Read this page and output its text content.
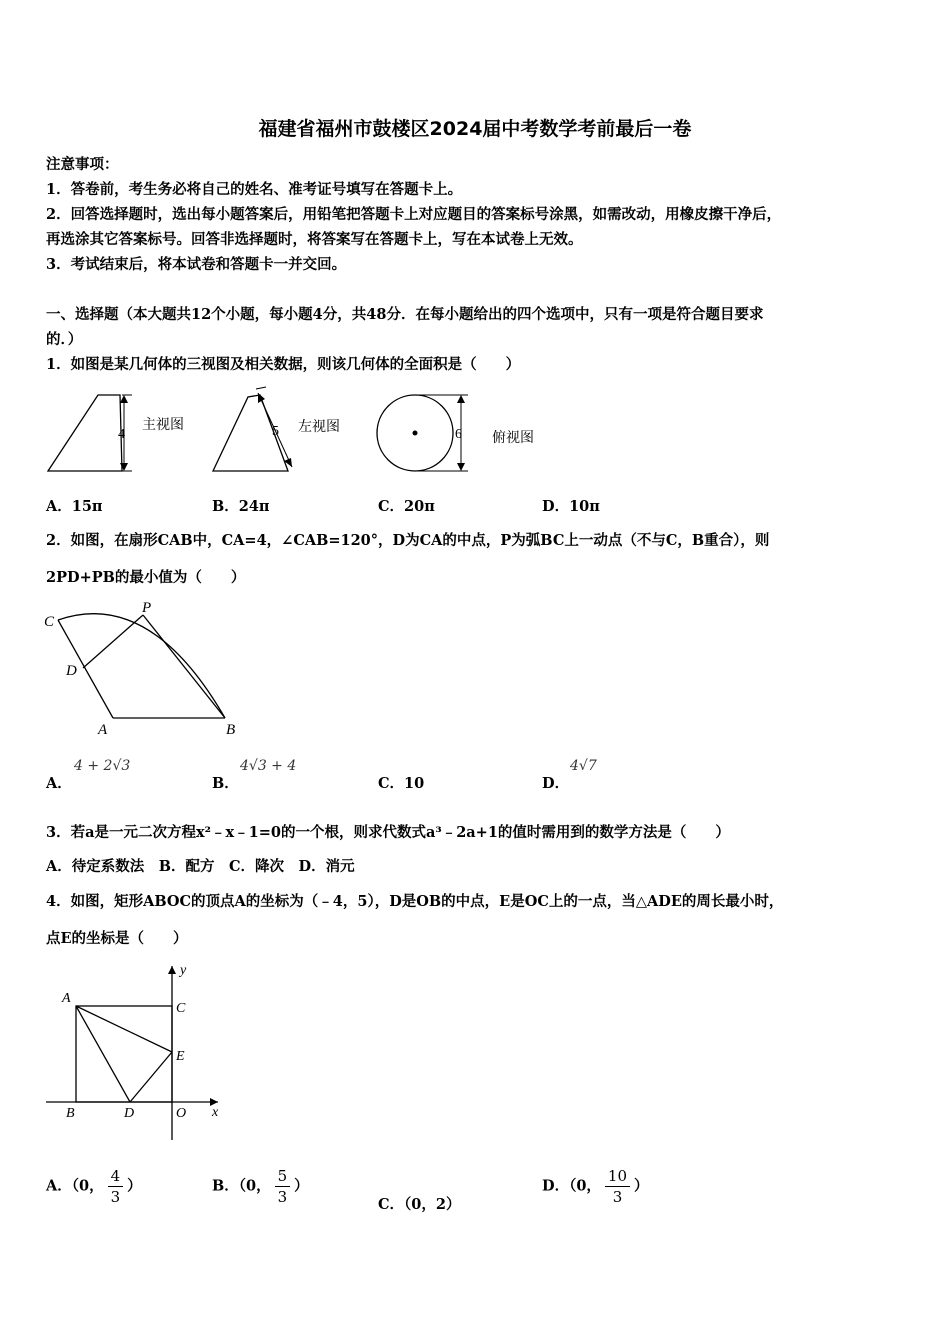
福建省福州市鼓楼区2024届中考数学考前最后一卷
注意事项：
1．答卷前，考生务必将自己的姓名、准考证号填写在答题卡上。
2．回答选择题时，选出每小题答案后，用铅笔把答题卡上对应题目的答案标号涂黑，如需改动，用橡皮擦干净后，
再选涂其它答案标号。回答非选择题时，将答案写在答题卡上，写在本试卷上无效。
3．考试结束后，将本试卷和答题卡一并交回。
一、选择题（本大题共12个小题，每小题4分，共48分．在每小题给出的四个选项中，只有一项是符合题目要求
的．）
1．如图是某几何体的三视图及相关数据，则该几何体的全面积是（　　）
4
主视图	5 左视图	6 俯视图
A．15π	B．24π	C．20π	D．10π
2．如图，在扇形CAB中，CA=4，∠CAB=120°，D为CA的中点，P为弧BC上一动点（不与C，B重合），则
2PD+PB的最小值为（　　）
C
P
D
A	B
A．
4 + 2√3
B．
4√3 + 4
C．10	D．
4√7
3．若a是一元二次方程x²﹣x﹣1=0的一个根，则求代数式a³﹣2a+1的值时需用到的数学方法是（　　）
A．待定系数法　B．配方　C．降次　D．消元
4．如图，矩形ABOC的顶点A的坐标为（﹣4，5），D是OB的中点，E是OC上的一点，当△ADE的周长最小时，
点E的坐标是（　　）
A
C
E
B	D	O x
y
A．（0， $\frac{4}{3}$ ）	B．（0， $\frac{5}{3}$ ）
C．（0，2）
D．（0， $\frac{10}{3}$ ）
